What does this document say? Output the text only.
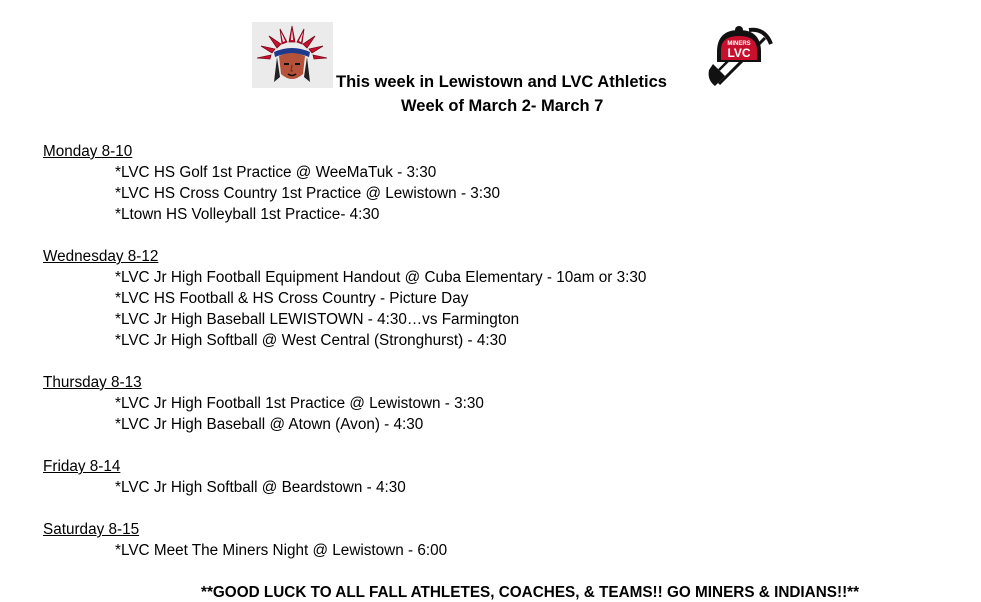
MINERS
LVC
This week in Lewistown and LVC Athletics
Week of March 2- March 7
Monday 8-10
*LVC HS Golf 1st Practice @ WeeMaTuk - 3:30
*LVC HS Cross Country 1st Practice @ Lewistown - 3:30
*Ltown HS Volleyball 1st Practice- 4:30
Wednesday 8-12
*LVC Jr High Football Equipment Handout @ Cuba Elementary - 10am or 3:30
*LVC HS Football & HS Cross Country - Picture Day
*LVC Jr High Baseball LEWISTOWN - 4:30…vs Farmington
*LVC Jr High Softball @ West Central (Stronghurst) - 4:30
Thursday 8-13
*LVC Jr High Football 1st Practice @ Lewistown - 3:30
*LVC Jr High Baseball @ Atown (Avon) - 4:30
Friday 8-14
*LVC Jr High Softball @ Beardstown - 4:30
Saturday 8-15
*LVC Meet The Miners Night @ Lewistown - 6:00
**GOOD LUCK TO ALL FALL ATHLETES, COACHES, & TEAMS!! GO MINERS & INDIANS!!**
